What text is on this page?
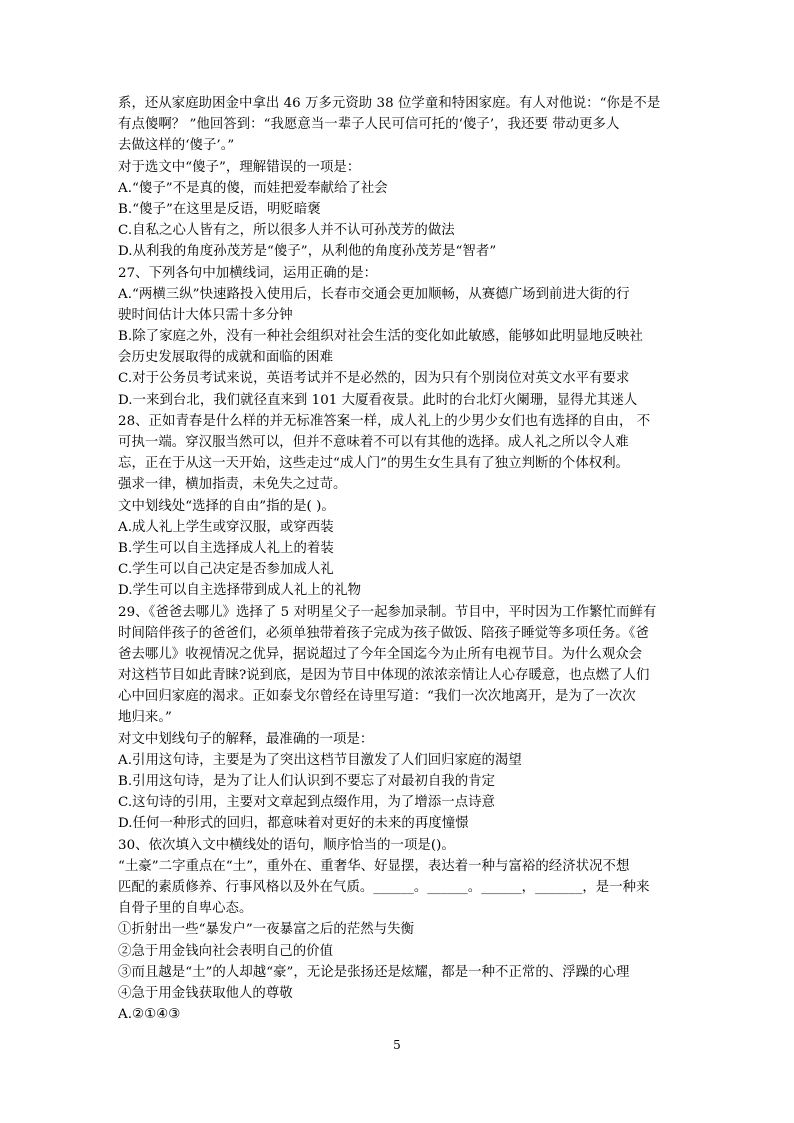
系，还从家庭助困金中拿出 46 万多元资助 38 位学童和特困家庭。有人对他说：“你是不是
有点傻啊？ ”他回答到：“我愿意当一辈子人民可信可托的‘傻子’，我还要 带动更多人
去做这样的‘傻子’。”
对于选文中“傻子”，理解错误的一项是：
A.“傻子”不是真的傻，而娃把爱奉献给了社会
B.“傻子”在这里是反语，明贬暗褒
C.自私之心人皆有之，所以很多人并不认可孙茂芳的做法
D.从利我的角度孙茂芳是“傻子”，从利他的角度孙茂芳是“智者”
27、下列各句中加横线词，运用正确的是：
A.“两横三纵”快速路投入使用后，长春市交通会更加顺畅，从赛德广场到前进大街的行
驶时间估计大体只需十多分钟
B.除了家庭之外，没有一种社会组织对社会生活的变化如此敏感，能够如此明显地反映社
会历史发展取得的成就和面临的困难
C.对于公务员考试来说，英语考试并不是必然的，因为只有个别岗位对英文水平有要求
D.一来到台北，我们就径直来到 101 大厦看夜景。此时的台北灯火阑珊，显得尤其迷人
28、正如青春是什么样的并无标准答案一样，成人礼上的少男少女们也有选择的自由， 不
可执一端。穿汉服当然可以，但并不意味着不可以有其他的选择。成人礼之所以令人难
忘，正在于从这一天开始，这些走过“成人门”的男生女生具有了独立判断的个体权利。
强求一律，横加指责，未免失之过苛。
文中划线处“选择的自由”指的是( )。
A.成人礼上学生或穿汉服，或穿西装
B.学生可以自主选择成人礼上的着装
C.学生可以自己决定是否参加成人礼
D.学生可以自主选择带到成人礼上的礼物
29、《爸爸去哪儿》选择了 5 对明星父子一起参加录制。节目中，平时因为工作繁忙而鲜有
时间陪伴孩子的爸爸们，必须单独带着孩子完成为孩子做饭、陪孩子睡觉等多项任务。《爸
爸去哪儿》收视情况之优异，据说超过了今年全国迄今为止所有电视节目。为什么观众会
对这档节目如此青睐?说到底，是因为节目中体现的浓浓亲情让人心存暖意，也点燃了人们
心中回归家庭的渴求。正如泰戈尔曾经在诗里写道：“我们一次次地离开，是为了一次次
地归来。”
对文中划线句子的解释，最准确的一项是：
A.引用这句诗，主要是为了突出这档节目激发了人们回归家庭的渴望
B.引用这句诗，是为了让人们认识到不要忘了对最初自我的肯定
C.这句诗的引用，主要对文章起到点缀作用，为了增添一点诗意
D.任何一种形式的回归，都意味着对更好的未来的再度憧憬
30、依次填入文中横线处的语句，顺序恰当的一项是()。
“土豪”二字重点在“土”，重外在、重奢华、好显摆，表达着一种与富裕的经济状况不想
匹配的素质修养、行事风格以及外在气质。______。______。______，_______，是一种来
自骨子里的自卑心态。
①折射出一些“暴发户”一夜暴富之后的茫然与失衡
②急于用金钱向社会表明自己的价值
③而且越是“土”的人却越“豪”，无论是张扬还是炫耀，都是一种不正常的、浮躁的心理
④急于用金钱获取他人的尊敬
A.②①④③
5
